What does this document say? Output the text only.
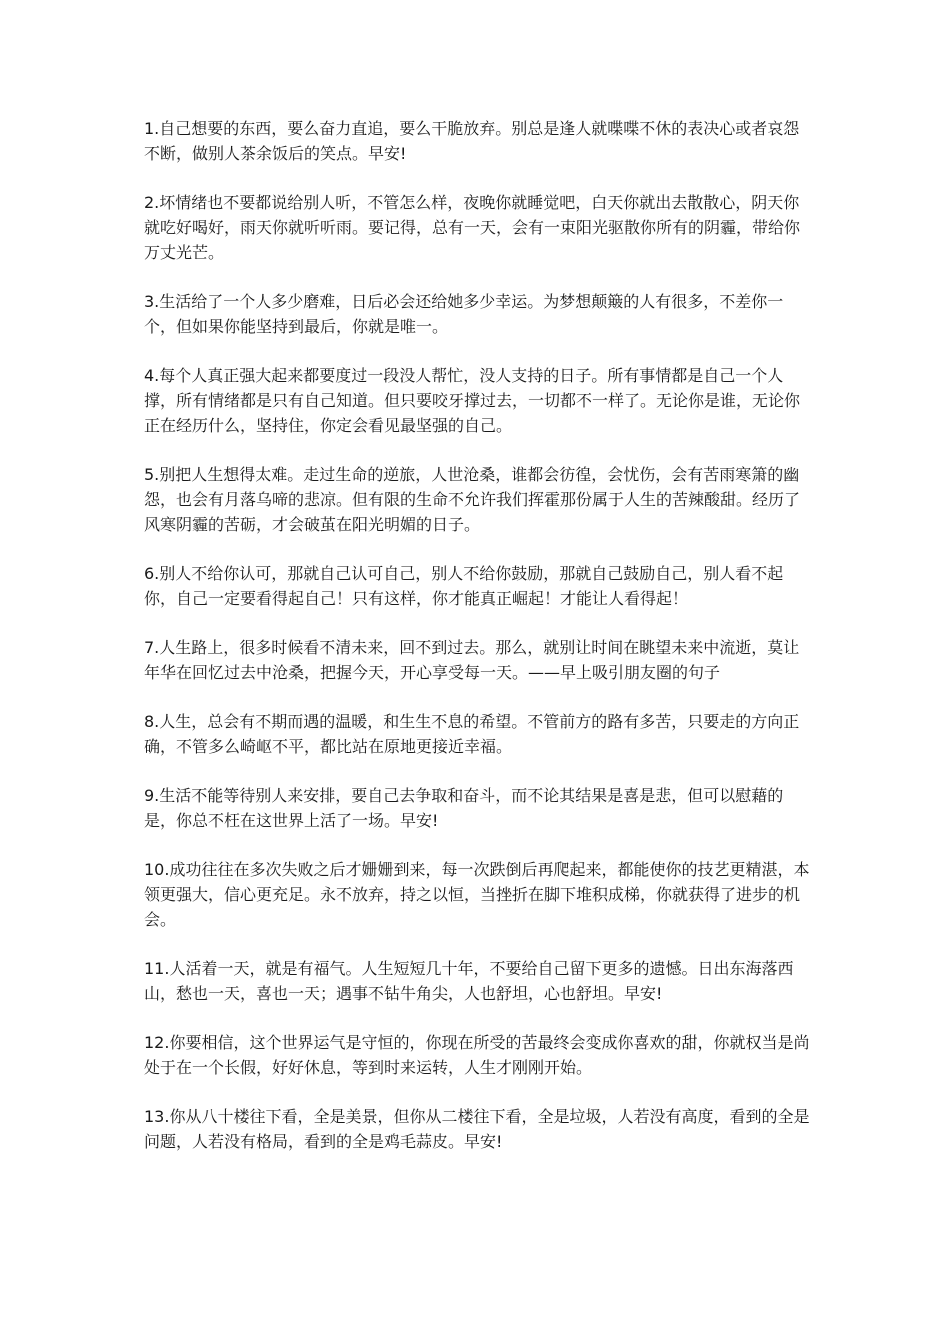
1.自己想要的东西，要么奋力直追，要么干脆放弃。别总是逢人就喋喋不休的表决心或者哀怨不断，做别人茶余饭后的笑点。早安!

2.坏情绪也不要都说给别人听，不管怎么样，夜晚你就睡觉吧，白天你就出去散散心，阴天你就吃好喝好，雨天你就听听雨。要记得，总有一天，会有一束阳光驱散你所有的阴霾，带给你万丈光芒。

3.生活给了一个人多少磨难，日后必会还给她多少幸运。为梦想颠簸的人有很多，不差你一个，但如果你能坚持到最后，你就是唯一。

4.每个人真正强大起来都要度过一段没人帮忙，没人支持的日子。所有事情都是自己一个人撑，所有情绪都是只有自己知道。但只要咬牙撑过去，一切都不一样了。无论你是谁，无论你正在经历什么，坚持住，你定会看见最坚强的自己。

5.别把人生想得太难。走过生命的逆旅，人世沧桑，谁都会彷徨，会忧伤，会有苦雨寒箫的幽怨，也会有月落乌啼的悲凉。但有限的生命不允许我们挥霍那份属于人生的苦辣酸甜。经历了风寒阴霾的苦砺，才会破茧在阳光明媚的日子。

6.别人不给你认可，那就自己认可自己，别人不给你鼓励，那就自己鼓励自己，别人看不起你，自己一定要看得起自己！只有这样，你才能真正崛起！才能让人看得起！

7.人生路上，很多时候看不清未来，回不到过去。那么，就别让时间在眺望未来中流逝，莫让年华在回忆过去中沧桑，把握今天，开心享受每一天。——早上吸引朋友圈的句子

8.人生，总会有不期而遇的温暖，和生生不息的希望。不管前方的路有多苦，只要走的方向正确，不管多么崎岖不平，都比站在原地更接近幸福。

9.生活不能等待别人来安排，要自己去争取和奋斗，而不论其结果是喜是悲，但可以慰藉的是，你总不枉在这世界上活了一场。早安!

10.成功往往在多次失败之后才姗姗到来，每一次跌倒后再爬起来，都能使你的技艺更精湛，本领更强大，信心更充足。永不放弃，持之以恒，当挫折在脚下堆积成梯，你就获得了进步的机会。

11.人活着一天，就是有福气。人生短短几十年，不要给自己留下更多的遗憾。日出东海落西山，愁也一天，喜也一天；遇事不钻牛角尖，人也舒坦，心也舒坦。早安!

12.你要相信，这个世界运气是守恒的，你现在所受的苦最终会变成你喜欢的甜，你就权当是尚处于在一个长假，好好休息，等到时来运转，人生才刚刚开始。

13.你从八十楼往下看，全是美景，但你从二楼往下看，全是垃圾，人若没有高度，看到的全是问题，人若没有格局，看到的全是鸡毛蒜皮。早安!
